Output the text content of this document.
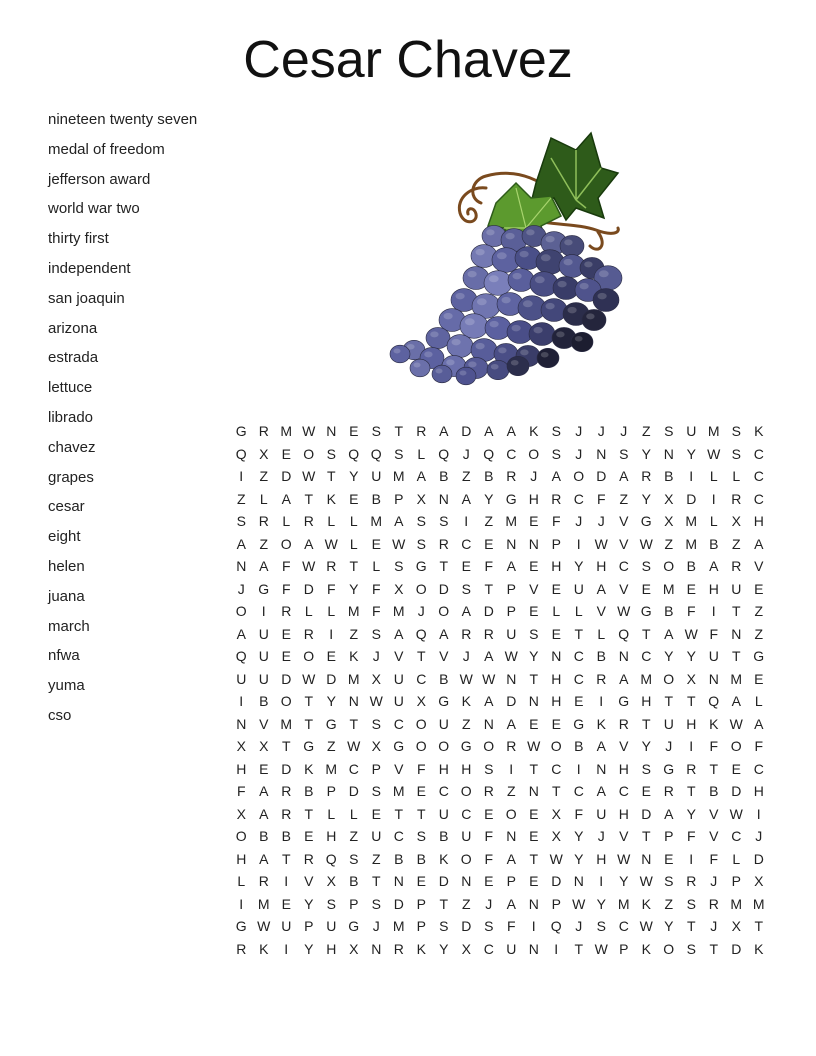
Cesar Chavez
nineteen twenty seven
medal of freedom
jefferson award
world war two
thirty first
independent
san joaquin
arizona
estrada
lettuce
librado
chavez
grapes
cesar
eight
helen
juana
march
nfwa
yuma
cso
G R M W N E S T R A D A A K S	J	J	J	Z S U M S K
Q X E O S Q Q S L Q J Q C O S	J N S Y N Y W S C
I	Z D W T Y U M A B Z B R J	A O D A R B	I	L	L C
Z	L A T K E B P X N A Y G H R C F Z Y X D	I	R C
S R L R L	L M A S S	I	Z M E F	J	J	V G X M L X H
A Z O A W L E W S R C E N N P	I W V W Z M B Z A
N A F W R T	L S G T E F A E H Y H C S O B A R V
J G F D F Y F X O D S T P V E U A V E M E H U E
O	I	R L	L M F M J O A D P E L	L V W G B F	I	T Z
A U E R	I	Z S A Q A R R U S E T	L Q T A W F N Z
Q U E O E K	J	V T V	J	A W Y N C B N C Y Y U T G
U U D W D M X U C B W W N T H C R A M O X N M E
I	B O T Y N W U X G K A D N H E	I	G H T T Q A L
N V M T G T S C O U Z N A E E G K R T U H K W A
X X T G Z W X G O O G O R W O B A V Y	J	I	F O F
H E D K M C P V F H H S	I	T C	I	N H S G R T E C
F A R B P D S M E C O R Z N T C A C E R T B D H
X A R T	L	L E T T U C E O E X F U H D A Y V W I
O B B E H Z U C S B U F N E X Y	J	V T P F V C J
H A T R Q S Z B B K O F A T W Y H W N E	I	F	L D
L R	I	V X B T N E D N E P E D N	I	Y W S R J	P X
I	M E Y S P S D P T Z	J	A N P W Y M K Z S R M M
G W U P U G J M P S D S F	I	Q J	S C W Y T	J	X T
R K	I	Y H X N R K Y X C U N	I	T W P K O S T D K
